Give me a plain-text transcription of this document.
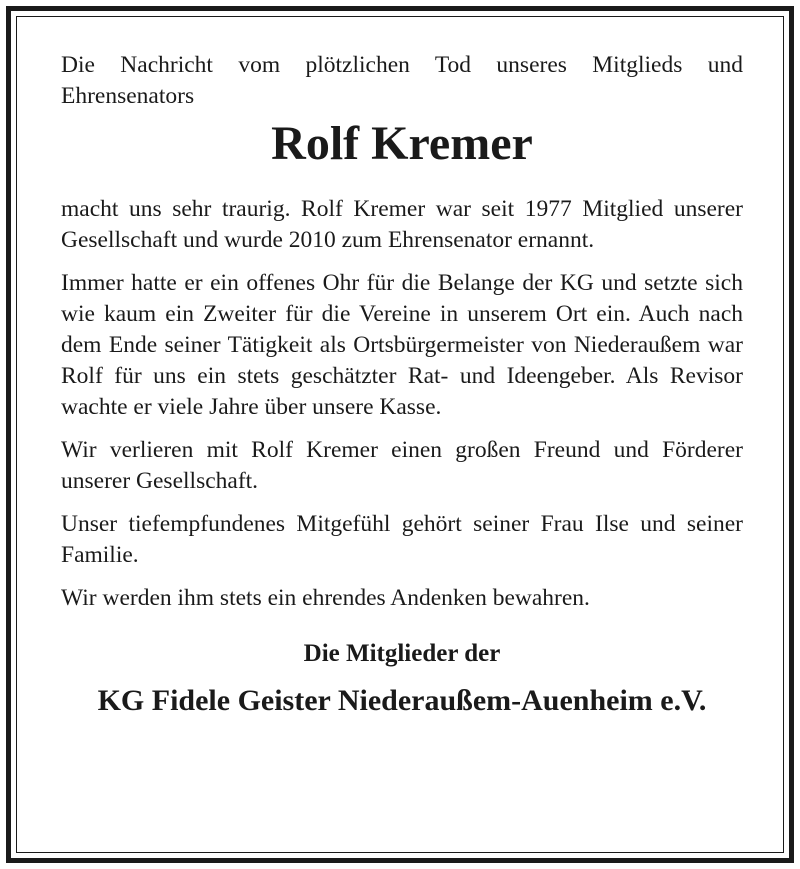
Die Nachricht vom plötzlichen Tod unseres Mitglieds und Ehrensenators

Rolf Kremer

macht uns sehr traurig. Rolf Kremer war seit 1977 Mitglied unserer Gesellschaft und wurde 2010 zum Ehrensenator ernannt.

Immer hatte er ein offenes Ohr für die Belange der KG und setzte sich wie kaum ein Zweiter für die Vereine in unserem Ort ein. Auch nach dem Ende seiner Tätigkeit als Ortsbürgermeister von Niederaußem war Rolf für uns ein stets geschätzter Rat- und Ideengeber. Als Revisor wachte er viele Jahre über unsere Kasse.

Wir verlieren mit Rolf Kremer einen großen Freund und Förderer unserer Gesellschaft.

Unser tiefempfundenes Mitgefühl gehört seiner Frau Ilse und seiner Familie.

Wir werden ihm stets ein ehrendes Andenken bewahren.

Die Mitglieder der
KG Fidele Geister Niederaußem-Auenheim e.V.
